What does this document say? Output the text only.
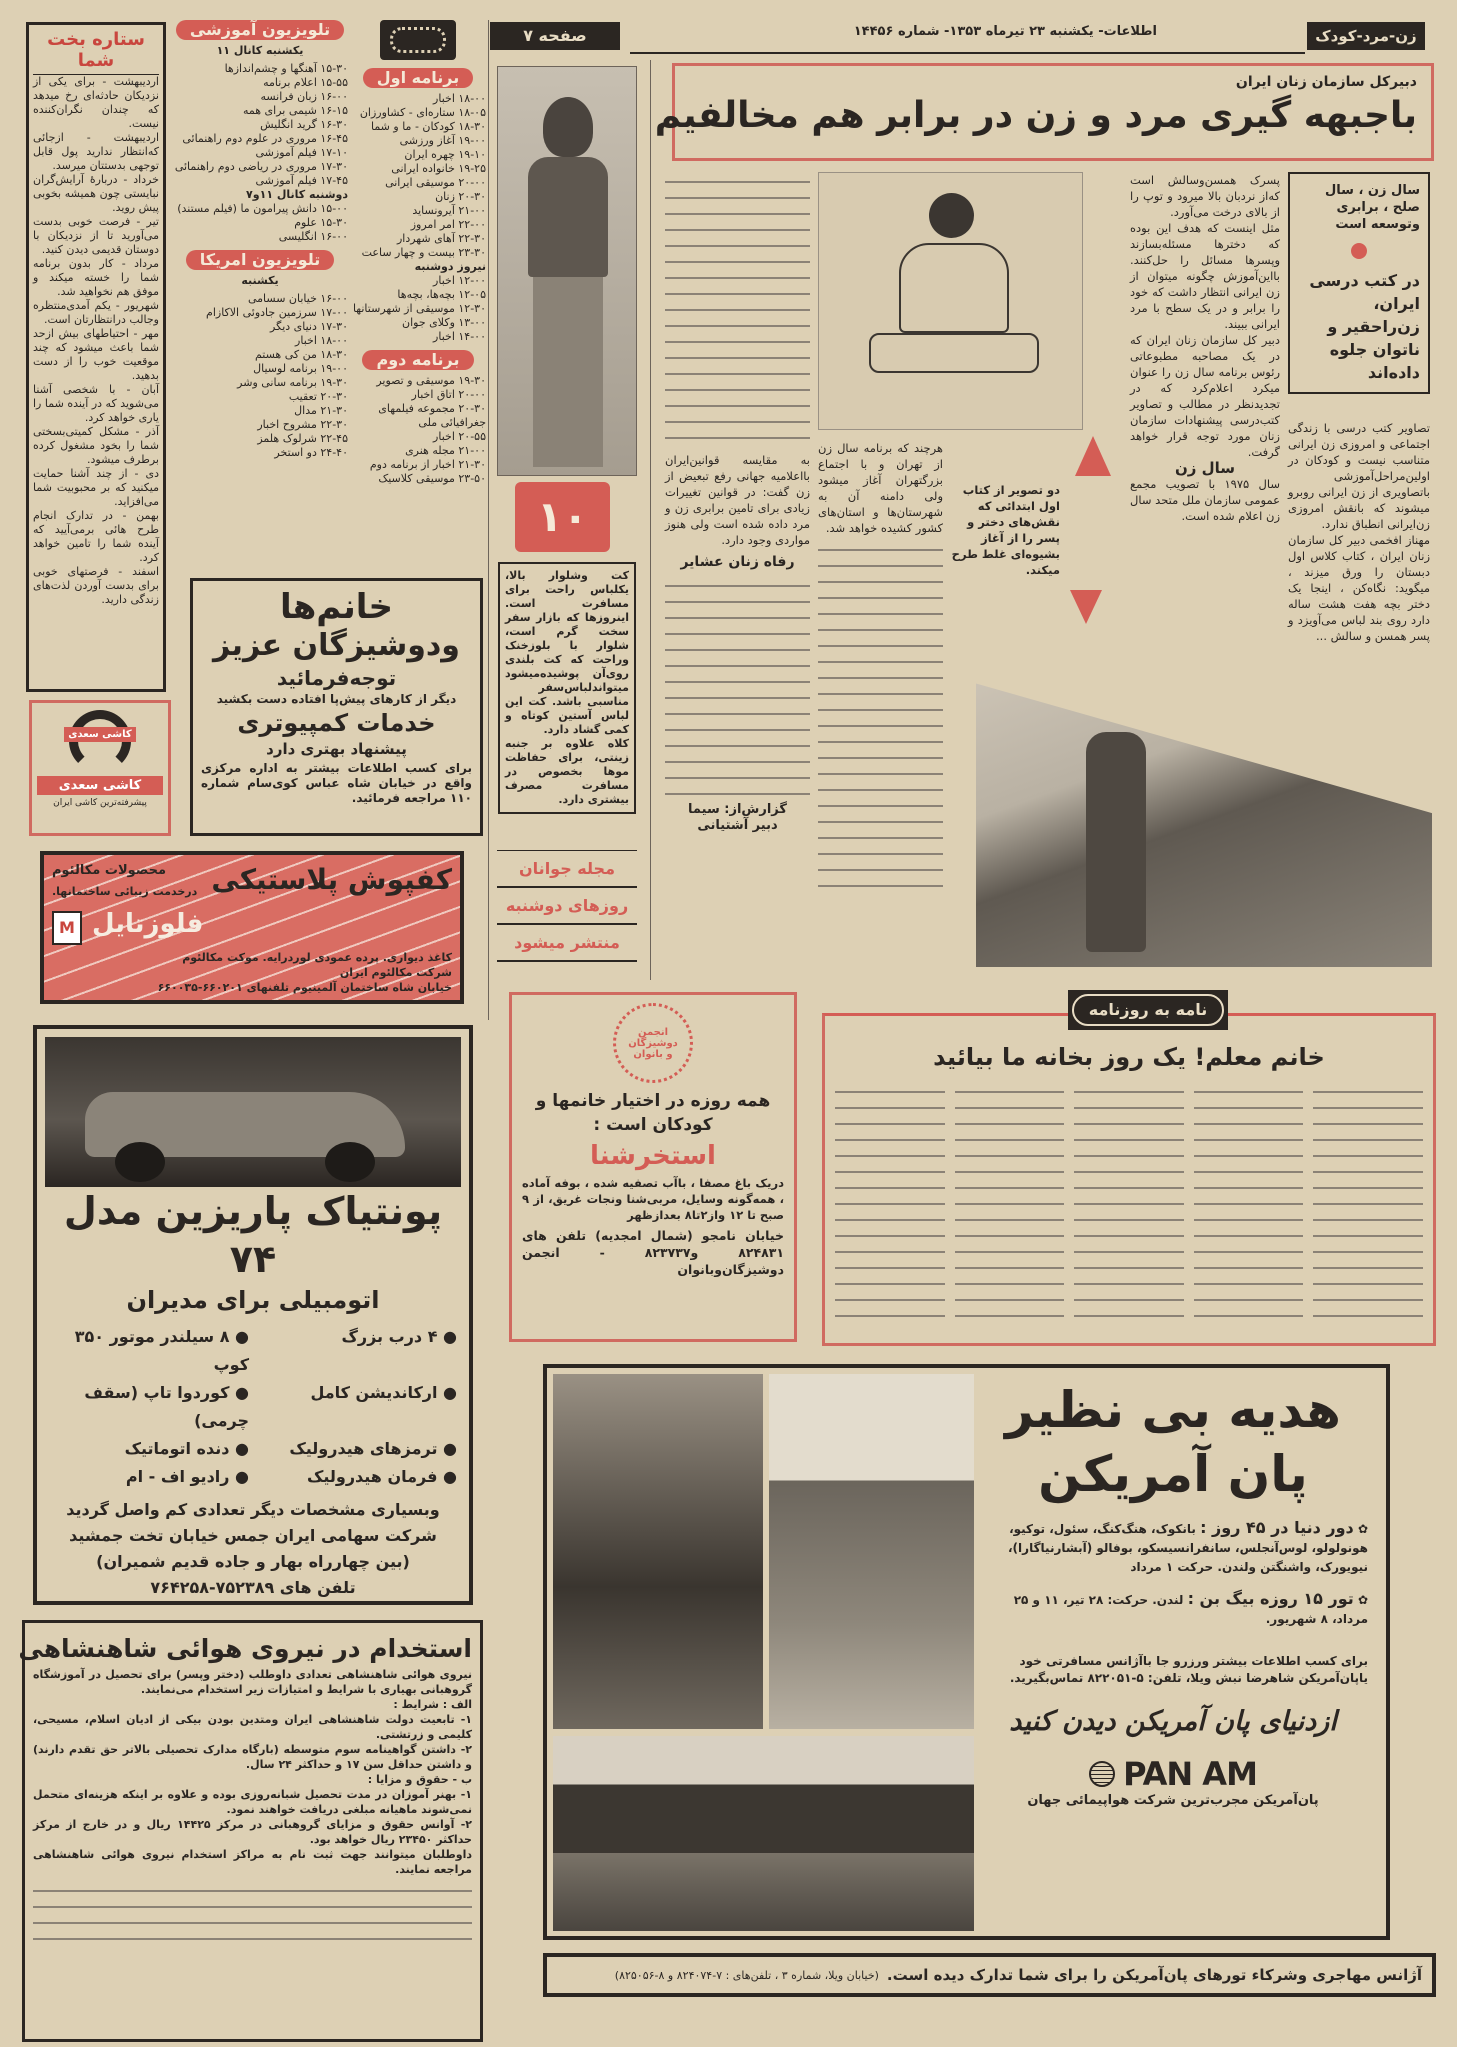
زن-مرد-کودک
اطلاعات- یکشنبه ۲۳ تیرماه ۱۳۵۳- شماره ۱۴۴۵۶
صفحه ۷
ستاره بخت شما

اردیبهشت - برای یکی از نزدیکان حادثه‌ای رخ میدهد که چندان نگران‌کننده نیست.

اردیبهشت - ازجائی که‌انتظار ندارید پول قابل توجهی بدستتان میرسد.

خرداد - دربارهٔ آرایش‌گران نبایستی چون همیشه بخوبی پیش روید.

تیر - فرصت خوبی بدست می‌آورید تا از نزدیکان با دوستان قدیمی دیدن کنید.

مرداد - کار بدون برنامه شما را خسته میکند و موفق هم نخواهید شد.

شهریور - یکم آمدی‌منتظره وجالب درانتظارتان است.

مهر - احتیاطهای بیش ازحد شما باعث میشود که چند موقعیت خوب را از دست بدهید.

آبان - با شخصی آشنا می‌شوید که در آینده شما را یاری خواهد کرد.

آذر - مشکل کمیتی‌بسختی شما را بخود مشغول کرده برطرف میشود.

دی - از چند آشنا حمایت میکنید که بر محبوبیت شما می‌افزاید.

بهمن - در تدارک انجام طرح هائی برمی‌آیید که آینده شما را تامین خواهد کرد.

اسفند - فرصتهای خوبی برای بدست آوردن لذت‌های زندگی دارید.

تلویزیون آموزشی
یکشنبه کانال ۱۱
۱۵-۳۰ آهنگها و چشم‌اندازها
۱۵-۵۵ اعلام برنامه
۱۶-۰۰ زبان فرانسه
۱۶-۱۵ شیمی برای همه
۱۶-۳۰ گرید انگلیش
۱۶-۴۵ مروری در علوم دوم راهنمائی
۱۷-۱۰ فیلم آموزشی
۱۷-۳۰ مروری در ریاضی دوم راهنمائی
۱۷-۴۵ فیلم آموزشی
دوشنبه کانال ۱۱و۷
۱۵-۰۰ دانش پیرامون ما (فیلم مستند)
۱۵-۳۰ علوم
۱۶-۰۰ انگلیسی
تلویزیون امریکا
یکشنبه
۱۶-۰۰ خیابان سسامی
۱۷-۰۰ سرزمین جادوئی الاکازام
۱۷-۳۰ دنیای دیگر
۱۸-۰۰ اخبار
۱۸-۳۰ من کی هستم
۱۹-۰۰ برنامه لوسیال
۱۹-۳۰ برنامه سانی وشر
۲۰-۳۰ تعقیب
۲۱-۳۰ مدال
۲۲-۳۰ مشروح اخبار
۲۲-۴۵ شرلوک هلمز
۲۴-۴۰ دو استخر
برنامه اول
۱۸-۰۰ اخبار
۱۸-۰۵ ستاره‌ای - کشاورزان
۱۸-۳۰ کودکان - ما و شما
۱۹-۰۰ آغاز ورزشی
۱۹-۱۰ چهره ایران
۱۹-۲۵ خانواده ایرانی
۲۰-۰۰ موسیقی ایرانی
۲۰-۳۰ زنان
۲۱-۰۰ آیرونساید
۲۲-۰۰ امر امروز
۲۲-۳۰ آهای شهردار
۲۳-۳۰ بیست و چهار ساعت
نیروز دوشنبه
۱۲-۰۰ اخبار
۱۲-۰۵ بچه‌ها، بچه‌ها
۱۲-۳۰ موسیقی از شهرستانها
۱۳-۰۰ وکلای جوان
۱۴-۰۰ اخبار
برنامه دوم
۱۹-۳۰ موسیقی و تصویر
۲۰-۰۰ اتاق اخبار
۲۰-۳۰ مجموعه فیلمهای جغرافیائی ملی
۲۰-۵۵ اخبار
۲۱-۰۰ مجله هنری
۲۱-۳۰ اخبار از برنامه دوم
۲۳-۵۰ موسیقی کلاسیک
کاشی سعدی
کاشی سعدی
پیشرفته‌ترین کاشی ایران
خانم‌ها
ودوشیزگان عزیز
توجه‌فرمائید
دیگر از کارهای پیش‌پا افتاده دست بکشید
خدمات کمپیوتری
پیشنهاد بهتری دارد
برای کسب اطلاعات بیشتر به اداره مرکزی واقع در خیابان شاه عباس کوی‌سام شماره ۱۱۰ مراجعه فرمائید.
کفپوش پلاستیکی
محصولات مکالئوم
درخدمت زیبائی ساختمانها.
فلوزتایل
M
کاغذ دیواری. پرده عمودی لوردرایه. موکت مکالئوم
شرکت مکالئوم ایران
خیابان شاه ساختمان آلمینیوم تلفنهای ۶۶۰۲۰۱-۶۶۰۰۳۵
پونتیاک پاریزین مدل ۷۴
اتومبیلی برای مدیران
● ۴ درب بزرگ
● ۸ سیلندر موتور ۳۵۰ کوپ
● ارکاندیشن کامل
● کوردوا تاپ (سقف چرمی)
● ترمزهای هیدرولیک
● دنده اتوماتیک
● فرمان هیدرولیک
● رادیو اف - ام
وبسیاری مشخصات دیگر تعدادی کم واصل گردید
شرکت سهامی ایران جمس خیابان تخت جمشید
(بین چهارراه بهار و جاده قدیم شمیران)
تلفن های ۷۵۲۳۸۹-۷۶۴۲۵۸
استخدام در نیروی هوائی شاهنشاهی

نیروی هوائی شاهنشاهی تعدادی داوطلب (دختر وپسر) برای تحصیل در آموزشگاه گروهبانی بهیاری با شرایط و امتیازات زیر استخدام می‌نمایند.

الف : شرایط :

۱- تابعیت دولت شاهنشاهی ایران ومتدین بودن بیکی از ادیان اسلام، مسیحی، کلیمی و زرتشتی.

۲- داشتن گواهینامه سوم متوسطه (بارگاه مدارک تحصیلی بالاتر حق تقدم دارند) و داشتن حداقل سن ۱۷ و حداکثر ۲۴ سال.

ب - حقوق و مزایا :

۱- بهنر آموزان در مدت تحصیل شبانه‌روزی بوده و علاوه بر اینکه هزینه‌ای متحمل نمی‌شوند ماهیانه مبلغی دریافت خواهند نمود.

۲- آوانس حقوق و مزایای گروهبانی در مرکز ۱۴۴۲۵ ریال و در خارج از مرکز حداکثر ۲۳۴۵۰ ریال خواهد بود.

داوطلبان میتوانند جهت ثبت نام به مراکز استخدام نیروی هوائی شاهنشاهی مراجعه نمایند.

۱۰

کت وشلوار بالا، یکلباس راحت برای مسافرت است. اینروزها که بازار سفر سخت گرم است، شلوار با بلوزخنک وراحت که کت بلندی روی‌آن پوشیده‌میشود میتواندلباس‌سفر مناسبی باشد. کت این لباس آستین کوتاه و کمی گشاد دارد.

کلاه علاوه بر جنبه زینتی، برای حفاظت موها بخصوص در مسافرت مصرف بیشتری دارد.

مجله جوانان
روزهای دوشنبه
منتشر میشود
دبیرکل سازمان زنان ایران
باجبهه گیری مرد و زن در برابر هم مخالفیم
سال زن ، سال صلح ، برابری وتوسعه است
در کتب درسی ایران، زن‌راحقیر و ناتوان جلوه داده‌اند

تصاویر کتب درسی با زندگی اجتماعی و امروزی زن ایرانی متناسب نیست و کودکان در اولین‌مراحل‌آموزشی باتصاویری از زن ایرانی روبرو میشوند که بانقش امروزی زن‌ایرانی انطباق ندارد.

مهناز افخمی دبیر کل سازمان زنان ایران ، کتاب کلاس اول دبستان را ورق میزند ، میگوید: نگاه‌کن ، اینجا یک دختر بچه هفت هشت ساله دارد روی بند لباس می‌آویزد و پسر همسن و سالش ...

پسرک همسن‌وسالش است که‌از نردبان بالا میرود و توپ را از بالای درخت می‌آورد.

مثل اینست که هدف این بوده که دخترها مسئله‌بسازند وپسرها مسائل را حل‌کنند. بااین‌آموزش چگونه میتوان از زن ایرانی انتظار داشت که خود را برابر و در یک سطح با مرد ایرانی ببیند.

دبیر کل سازمان زنان ایران که در یک مصاحبه مطبوعاتی رئوس برنامه سال زن را عنوان میکرد اعلام‌کرد که در تجدیدنظر در مطالب و تصاویر کتب‌درسی پیشنهادات سازمان زنان مورد توجه قرار خواهد گرفت.

سال زن

سال ۱۹۷۵ با تصویب مجمع عمومی سازمان ملل متحد سال زن اعلام شده است.

دو تصویر از کتاب اول ابتدائی که نقش‌های دختر و پسر را از آغاز بشیوه‌ای غلط طرح میکند.

هرچند که برنامه سال زن از تهران و با اجتماع بزرگتهران آغاز میشود ولی دامنه آن به شهرستان‌ها و استان‌های کشور کشیده خواهد شد.

به مقایسه قوانین‌ایران بااعلامیه جهانی رفع تبعیض از زن گفت: در قوانین تغییرات زیادی برای تامین برابری زن و مرد داده شده است ولی هنوز مواردی وجود دارد.

رفاه زنان عشایر
گزارش‌از: سیما
دبیر آشتیانی
انجمن دوشیزگان و بانوان
همه روزه در اختیار خانمها و کودکان است :
استخرشنا
دریک باغ مصفا ، باآب تصفیه شده ، بوفه آماده ، همه‌گونه وسایل، مربی‌شنا ونجات غریق، از ۹ صبح تا ۱۲ واز۲تا۸ بعدازظهر
خیابان نامجو (شمال امجدیه) تلفن های ۸۲۴۸۳۱ و۸۲۳۷۳۷ - انجمن دوشیزگان‌وبانوان
خانم معلم! یک روز بخانه ما بیائید
نامه به روزنامه
هدیه بی نظیر
پان آمریکن
✿ دور دنیا در ۴۵ روز : بانکوک، هنگ‌کنگ، سئول، توکیو، هونولولو، لوس‌آنجلس، سانفرانسیسکو، بوفالو (آبشارنیاگارا)، نیویورک، واشنگتن ولندن. حرکت ۱ مرداد
✿ تور ۱۵ روزه بیگ بن : لندن. حرکت: ۲۸ تیر، ۱۱ و ۲۵ مرداد، ۸ شهریور.
برای کسب اطلاعات بیشتر ورزرو جا باآژانس مسافرتی خود یاپان‌آمریکن شاهرضا نبش ویلا، تلفن: ۵-۸۲۲۰۵۱ تماس‌بگیرید.
ازدنیای پان آمریکن دیدن کنید
PAN AM
پان‌آمریکن مجرب‌ترین شرکت هواپیمائی جهان
آژانس مهاجری وشرکاء تورهای پان‌آمریکن را برای شما تدارک دیده است.
(خیابان ویلا، شماره ۳ ، تلفن‌های : ۷-۸۲۴۰۷۴ و ۸-۸۲۵۰۵۶)
